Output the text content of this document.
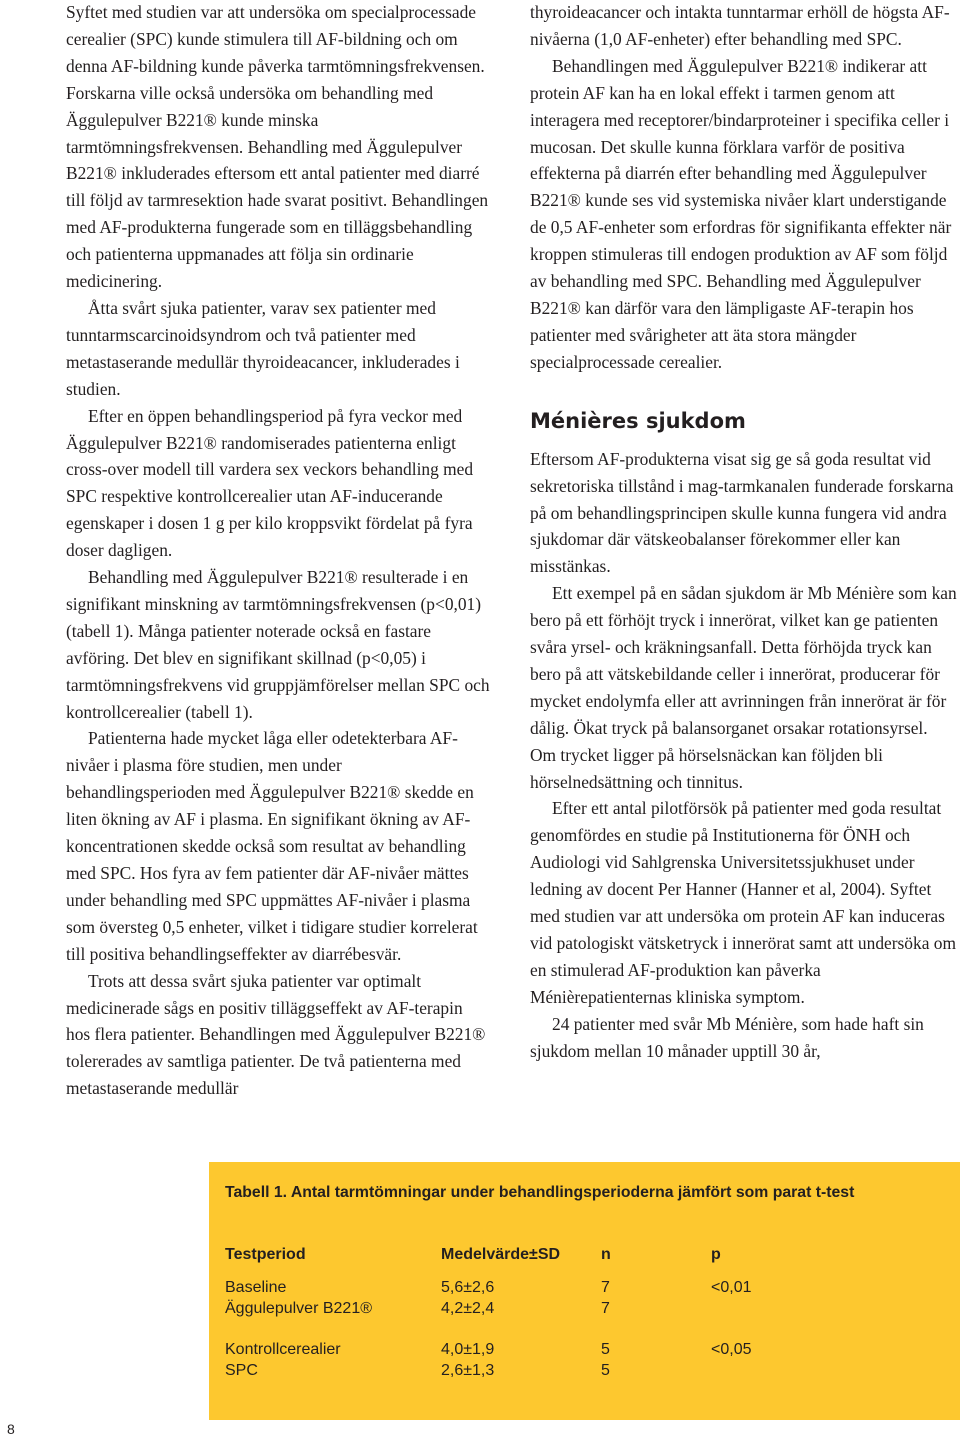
Syftet med studien var att undersöka om specialprocessade cerealier (SPC) kunde stimulera till AF-bildning och om denna AF-bildning kunde påverka tarmtömningsfrekvensen. Forskarna ville också undersöka om behandling med Äggulepulver B221® kunde minska tarmtömningsfrekvensen. Behandling med Äggulepulver B221® inkluderades eftersom ett antal patienter med diarré till följd av tarmresektion hade svarat positivt. Behandlingen med AF-produkterna fungerade som en tilläggsbehandling och patienterna uppmanades att följa sin ordinarie medicinering.

Åtta svårt sjuka patienter, varav sex patienter med tunntarmscarcinoidsyndrom och två patienter med metastaserande medullär thyroideacancer, inkluderades i studien.

Efter en öppen behandlingsperiod på fyra veckor med Äggulepulver B221® randomiserades patienterna enligt cross-over modell till vardera sex veckors behandling med SPC respektive kontrollcerealier utan AF-inducerande egenskaper i dosen 1 g per kilo kroppsvikt fördelat på fyra doser dagligen.

Behandling med Äggulepulver B221® resulterade i en signifikant minskning av tarmtömningsfrekvensen (p<0,01) (tabell 1). Många patienter noterade också en fastare avföring. Det blev en signifikant skillnad (p<0,05) i tarmtömningsfrekvens vid gruppjämförelser mellan SPC och kontrollcerealier (tabell 1).

Patienterna hade mycket låga eller odetekterbara AF-nivåer i plasma före studien, men under behandlingsperioden med Äggulepulver B221® skedde en liten ökning av AF i plasma. En signifikant ökning av AF-koncentrationen skedde också som resultat av behandling med SPC. Hos fyra av fem patienter där AF-nivåer mättes under behandling med SPC uppmättes AF-nivåer i plasma som översteg 0,5 enheter, vilket i tidigare studier korrelerat till positiva behandlingseffekter av diarrébesvär.

Trots att dessa svårt sjuka patienter var optimalt medicinerade sågs en positiv tilläggseffekt av AF-terapin hos flera patienter. Behandlingen med Äggulepulver B221® tolererades av samtliga patienter. De två patienterna med metastaserande medullär

thyroideacancer och intakta tunntarmar erhöll de högsta AF-nivåerna (1,0 AF-enheter) efter behandling med SPC.

Behandlingen med Äggulepulver B221® indikerar att protein AF kan ha en lokal effekt i tarmen genom att interagera med receptorer/bindarproteiner i specifika celler i mucosan. Det skulle kunna förklara varför de positiva effekterna på diarrén efter behandling med Äggulepulver B221® kunde ses vid systemiska nivåer klart understigande de 0,5 AF-enheter som erfordras för signifikanta effekter när kroppen stimuleras till endogen produktion av AF som följd av behandling med SPC. Behandling med Äggulepulver B221® kan därför vara den lämpligaste AF-terapin hos patienter med svårigheter att äta stora mängder specialprocessade cerealier.

Ménières sjukdom

Eftersom AF-produkterna visat sig ge så goda resultat vid sekretoriska tillstånd i mag-tarmkanalen funderade forskarna på om behandlingsprincipen skulle kunna fungera vid andra sjukdomar där vätskeobalanser förekommer eller kan misstänkas.

Ett exempel på en sådan sjukdom är Mb Ménière som kan bero på ett förhöjt tryck i innerörat, vilket kan ge patienten svåra yrsel- och kräkningsanfall. Detta förhöjda tryck kan bero på att vätskebildande celler i innerörat, producerar för mycket endolymfa eller att avrinningen från innerörat är för dålig. Ökat tryck på balansorganet orsakar rotationsyrsel. Om trycket ligger på hörselsnäckan kan följden bli hörselnedsättning och tinnitus.

Efter ett antal pilotförsök på patienter med goda resultat genomfördes en studie på Institutionerna för ÖNH och Audiologi vid Sahlgrenska Universitetssjukhuset under ledning av docent Per Hanner (Hanner et al, 2004). Syftet med studien var att undersöka om protein AF kan induceras vid patologiskt vätsketryck i innerörat samt att undersöka om en stimulerad AF-produktion kan påverka Ménièrepatienternas kliniska symptom.

24 patienter med svår Mb Ménière, som hade haft sin sjukdom mellan 10 månader upptill 30 år,

Tabell 1. Antal tarmtömningar under behandlingsperioderna jämfört som parat t-test
Testperiod	Medelvärde±SD	n	p
Baseline	5,6±2,6	7	<0,01
Äggulepulver B221®	4,2±2,4	7
Kontrollcerealier	4,0±1,9	5	<0,05
SPC	2,6±1,3	5
8
